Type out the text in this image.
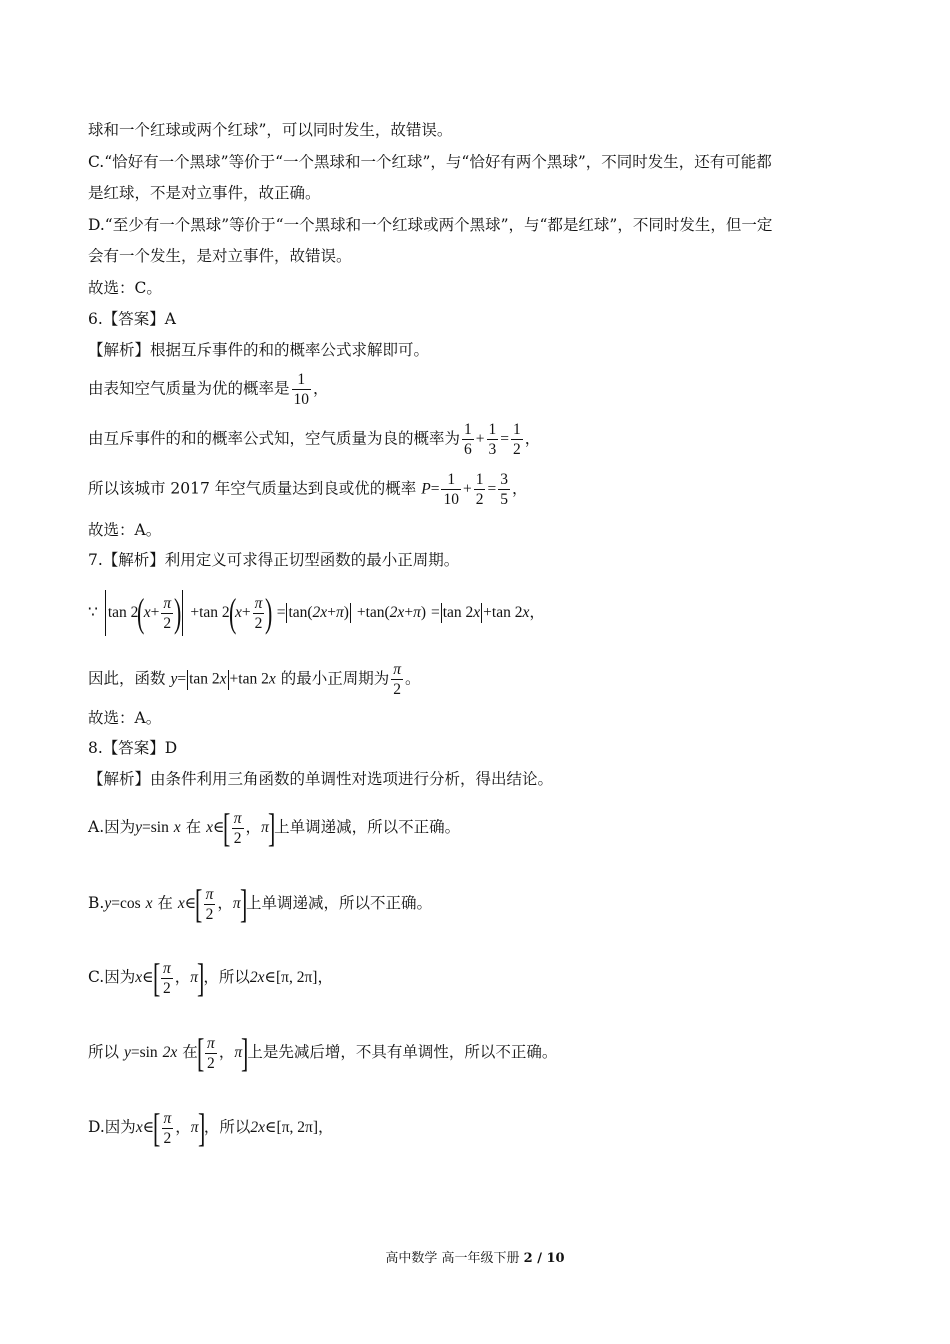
球和一个红球或两个红球”，可以同时发生，故错误。
C.“恰好有一个黑球”等价于“一个黑球和一个红球”，与“恰好有两个黑球”，不同时发生，还有可能都
是红球，不是对立事件，故正确。
D.“至少有一个黑球”等价于“一个黑球和一个红球或两个黑球”，与“都是红球”，不同时发生，但一定
会有一个发生，是对立事件，故错误。
故选：C。
6.【答案】A
【解析】根据互斥事件的和的概率公式求解即可。
由表知空气质量为优的概率是 $\frac{1}{10}$ ，
由互斥事件的和的概率公式知，空气质量为良的概率为 $\frac{1}{6} + \frac{1}{3} = \frac{1}{2}$ ，
所以该城市 2017 年空气质量达到良或优的概率 $P= \frac{1}{10} + \frac{1}{2} = \frac{3}{5}$ ，
故选：A。
7.【解析】利用定义可求得正切型函数的最小正周期。
∵ $\tan 2(x+ \frac{\pi}{2}$ ) +tan $2(x+ \frac{\pi}{2}$ ) = tan(2x+π) +tan(2x+π) = tan 2x +tan 2x，
因此，函数 y= tan 2x +tan 2x 的最小正周期为 $\frac{\pi}{2}$ 。
故选：A。
8.【答案】D
【解析】由条件利用三角函数的单调性对选项进行分析，得出结论。
A.因为y=sin x 在 x∈[ $\frac{\pi}{2}$ ，π]上单调递减，所以不正确。
B.y=cos x 在 x∈[ $\frac{\pi}{2}$ ，π]上单调递减，所以不正确。
C.因为x∈[ $\frac{\pi}{2}$ ，π]，所以2x∈[π, 2π]，
所以 y=sin 2x 在[ $\frac{\pi}{2}$ ，π]上是先减后增，不具有单调性，所以不正确。
D.因为x∈[ $\frac{\pi}{2}$ ，π]，所以2x∈[π, 2π]，
高中数学 高一年级下册 2 / 10
